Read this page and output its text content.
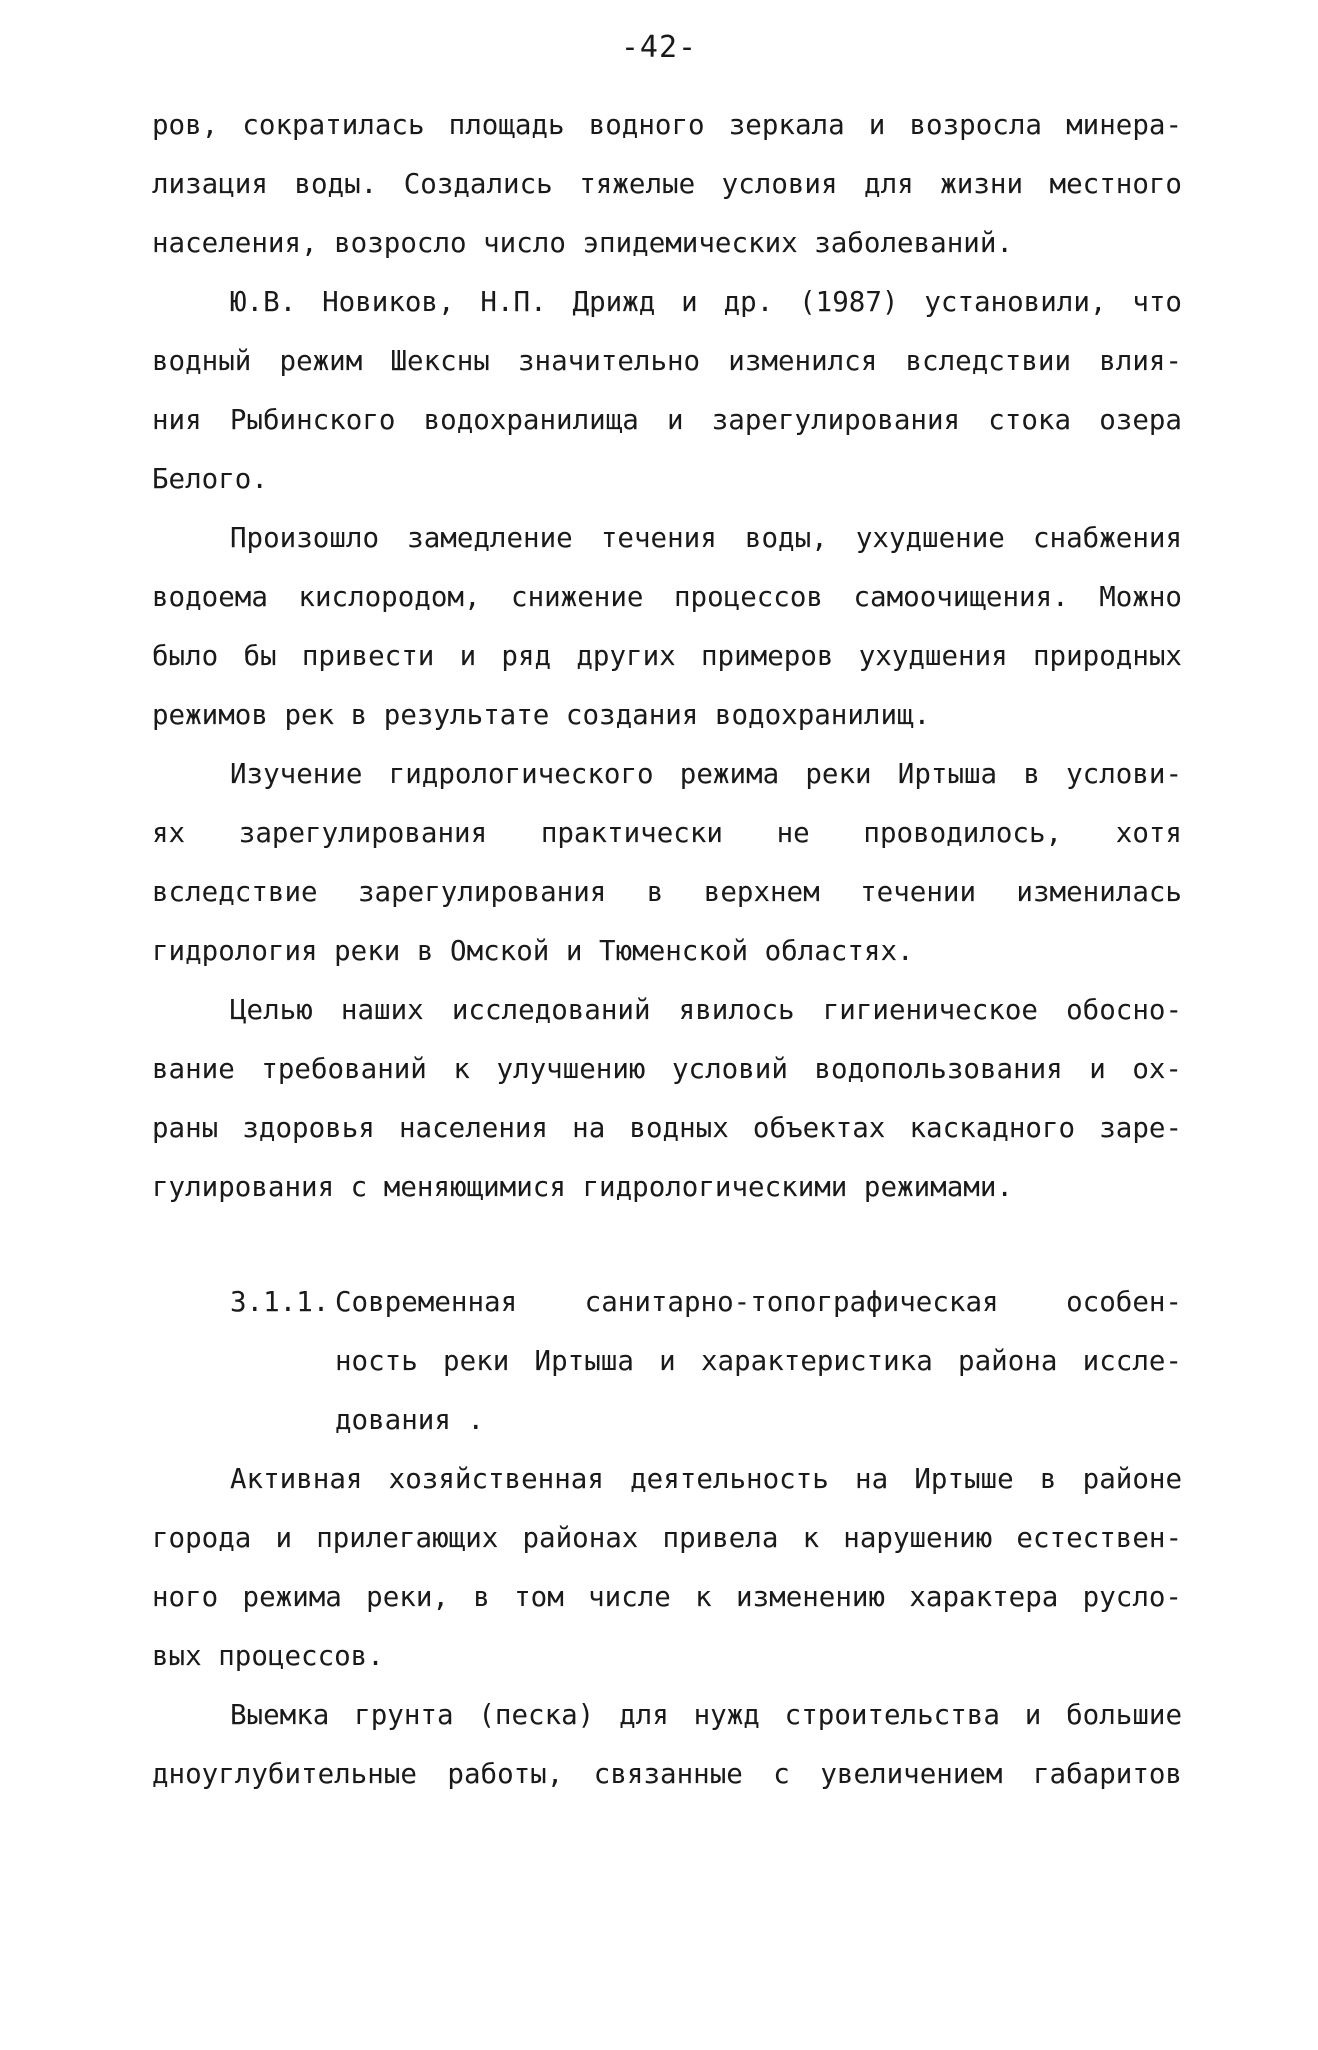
-42-
ров, сократилась площадь водного зеркала и возросла минера-
лизация воды. Создались тяжелые условия для жизни местного
населения, возросло число эпидемических заболеваний.
Ю.В. Новиков, Н.П. Дрижд и др. (1987) установили, что
водный режим Шексны значительно изменился вследствии влия-
ния Рыбинского водохранилища и зарегулирования стока озера
Белого.
Произошло замедление течения воды, ухудшение снабжения
водоема кислородом, снижение процессов самоочищения. Можно
было бы привести и ряд других примеров ухудшения природных
режимов рек в результате создания водохранилищ.
Изучение гидрологического режима реки Иртыша в услови-
ях зарегулирования практически не проводилось, хотя
вследствие зарегулирования в верхнем течении изменилась
гидрология реки в Омской и Тюменской областях.
Целью наших исследований явилось гигиеническое обосно-
вание требований к улучшению условий водопользования и ох-
раны здоровья населения на водных объектах каскадного заре-
гулирования с меняющимися гидрологическими режимами.
3.1.1. Современная санитарно-топографическая особен-
ность реки Иртыша и характеристика района иссле-
дования .
Активная хозяйственная деятельность на Иртыше в районе
города и прилегающих районах привела к нарушению естествен-
ного режима реки, в том числе к изменению характера русло-
вых процессов.
Выемка грунта (песка) для нужд строительства и большие
дноуглубительные работы, связанные с увеличением габаритов
